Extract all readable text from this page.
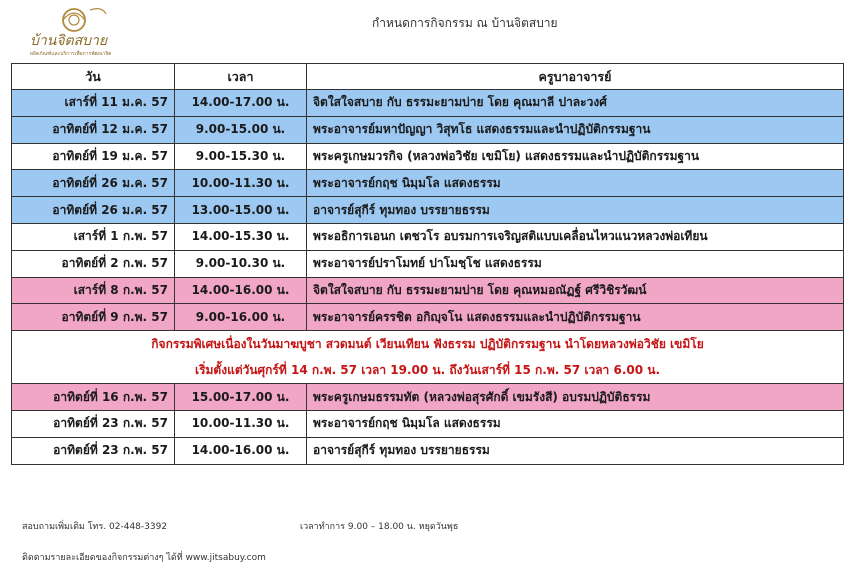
บ้านจิตสบาย
ผลิตภัณฑ์และบริการเพื่อการพัฒนาจิต
กำหนดการกิจกรรม ณ บ้านจิตสบาย
วัน	เวลา	ครูบาอาจารย์
เสาร์ที่ 11 ม.ค. 57	14.00-17.00 น.	จิตใสใจสบาย กับ ธรรมะยามบ่าย โดย คุณมาลี ปาละวงศ์
อาทิตย์ที่ 12 ม.ค. 57	9.00-15.00 น.	พระอาจารย์มหาปัญญา วิสุทโธ แสดงธรรมและนำปฏิบัติกรรมฐาน
อาทิตย์ที่ 19 ม.ค. 57	9.00-15.30 น.	พระครูเกษมวรกิจ (หลวงพ่อวิชัย เขมิโย) แสดงธรรมและนำปฏิบัติกรรมฐาน
อาทิตย์ที่ 26 ม.ค. 57	10.00-11.30 น.	พระอาจารย์กฤช นิมฺมโล แสดงธรรม
อาทิตย์ที่ 26 ม.ค. 57	13.00-15.00 น.	อาจารย์สุกีร์ ทุมทอง บรรยายธรรม
เสาร์ที่ 1 ก.พ. 57	14.00-15.30 น.	พระอธิการเอนก เตชวโร อบรมการเจริญสติแบบเคลื่อนไหวแนวหลวงพ่อเทียน
อาทิตย์ที่ 2 ก.พ. 57	9.00-10.30 น.	พระอาจารย์ปราโมทย์ ปาโมชฺโช แสดงธรรม
เสาร์ที่ 8 ก.พ. 57	14.00-16.00 น.	จิตใสใจสบาย กับ ธรรมะยามบ่าย โดย คุณหมอณัฏฐ์ ศรีวิชิรวัฒน์
อาทิตย์ที่ 9 ก.พ. 57	9.00-16.00 น.	พระอาจารย์ครรชิต อกิญฺจโน แสดงธรรมและนำปฏิบัติกรรมฐาน

กิจกรรมพิเศษเนื่องในวันมาฆบูชา สวดมนต์ เวียนเทียน ฟังธรรม ปฏิบัติกรรมฐาน นำโดยหลวงพ่อวิชัย เขมิโย
เริ่มตั้งแต่วันศุกร์ที่ 14 ก.พ. 57 เวลา 19.00 น. ถึงวันเสาร์ที่ 15 ก.พ. 57 เวลา 6.00 น.		

อาทิตย์ที่ 16 ก.พ. 57	15.00-17.00 น.	พระครูเกษมธรรมทัต (หลวงพ่อสุรศักดิ์ เขมรังสี) อบรมปฏิบัติธรรม
อาทิตย์ที่ 23 ก.พ. 57	10.00-11.30 น.	พระอาจารย์กฤช นิมฺมโล แสดงธรรม
อาทิตย์ที่ 23 ก.พ. 57	14.00-16.00 น.	อาจารย์สุกีร์ ทุมทอง บรรยายธรรม
สอบถามเพิ่มเติม โทร. 02-448-3392	เวลาทำการ 9.00 – 18.00 น. หยุดวันพุธ
ติดตามรายละเอียดของกิจกรรมต่างๆ ได้ที่ www.jitsabuy.com
